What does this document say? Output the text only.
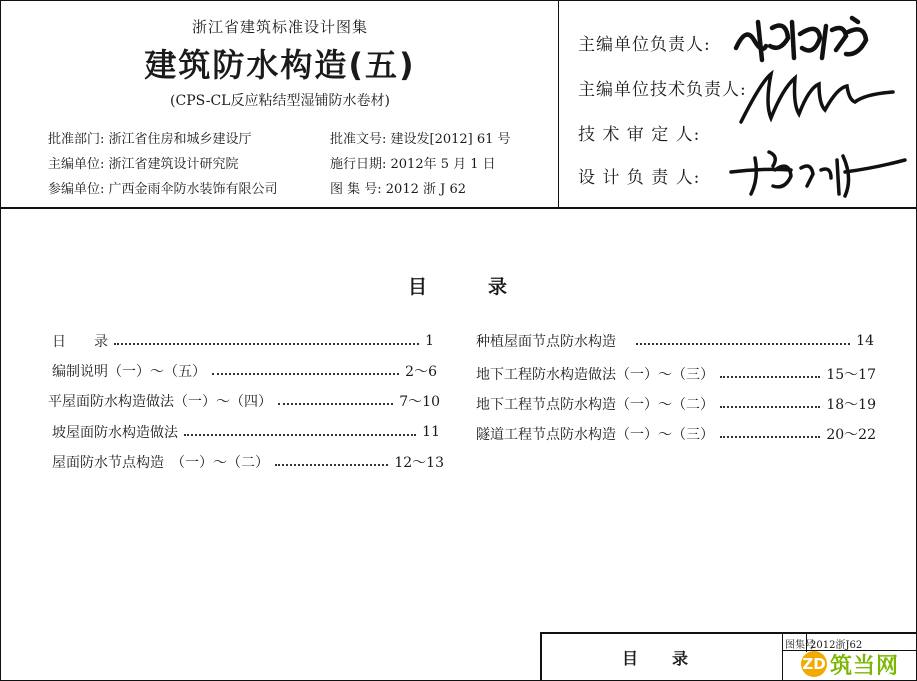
浙江省建筑标准设计图集
建筑防水构造(五)
(CPS-CL反应粘结型湿铺防水卷材)
批准部门: 浙江省住房和城乡建设厅	批准文号: 建设发[2012] 61 号
主编单位: 浙江省建筑设计研究院	施行日期: 2012年 5 月 1 日
参编单位: 广西金雨伞防水装饰有限公司	图 集 号: 2012 浙 J 62
主编单位负责人:
主编单位技术负责人:
技 术 审 定 人:
设 计 负 责 人:
目	录
日　　录	1
编制说明（一）～（五）	2～6
平屋面防水构造做法（一）～（四）	7～10
坡屋面防水构造做法	11
屋面防水节点构造　（一）～（二）	12～13
种植屋面节点防水构造　	14
地下工程防水构造做法（一）～（三）	15～17
地下工程节点防水构造（一）～（二）	18～19
隧道工程节点防水构造（一）～（三）	20～22
目 录
图集号
2012浙J62
ZD 筑当网
